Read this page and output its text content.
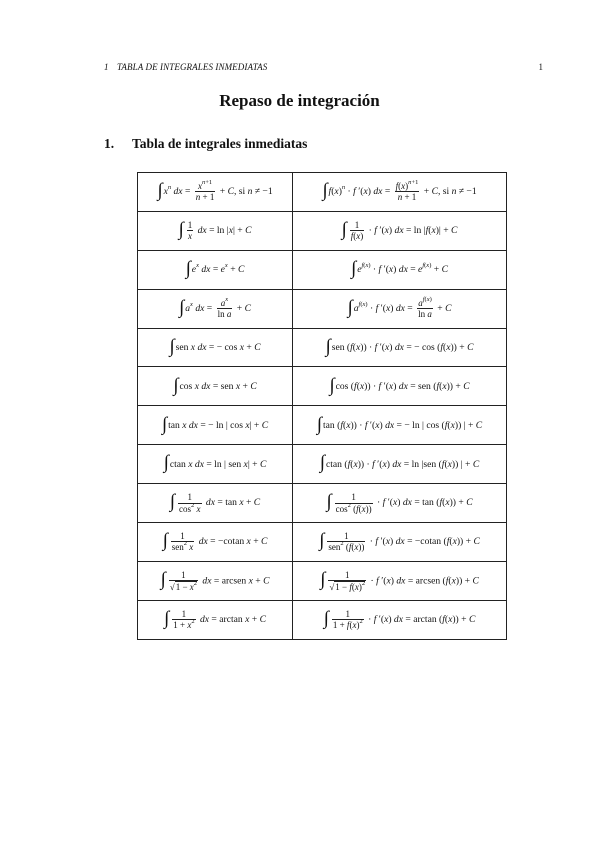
1 TABLA DE INTEGRALES INMEDIATAS	1
Repaso de integración
1. Tabla de integrales inmediatas
$\int x^n$ dx = $\frac{x^{n+1}}{n + 1} + C$, si n ≠ −1	$\int f(x)^n \cdot f$ ′(x) dx = $\frac{f(x)^{n+1}}{n + 1} + C$, si n ≠ −1
∫ $\frac{1}{x}$ dx = ln |x| + C	∫ $\frac{1}{f(x)} \cdot f$ ′(x) dx = ln |f(x)| + C
$\int e^x$ dx = $e^x + C$	$\int e^{f(x)} \cdot f$ ′(x) dx = $e^{f(x)} + C$
$\int a^x$ dx = $\frac{a^x}{\text{ln a}} + C$	$\int a^{f(x)} \cdot f$ ′(x) dx = $\frac{a^{f(x)}}{\text{ln a}} + C$
∫sen x dx = − cos x + C	∫sen (f(x)) · f ′(x) dx = − cos (f(x)) + C
∫cos x dx = sen x + C	∫cos (f(x)) · f ′(x) dx = sen (f(x)) + C
∫tan x dx = − ln | cos x| + C	∫tan (f(x)) · f ′(x) dx = − ln | cos (f(x)) | + C
∫ctan x dx = ln | sen x| + C	∫ctan (f(x)) · f ′(x) dx = ln |sen (f(x)) | + C
∫ $\frac{1}{\cos^2 x}$ dx = tan x + C	∫ $\frac{1}{\cos^2 (f(x))} \cdot f$ ′(x) dx = tan (f(x)) + C
∫ $\frac{1}{sen^2 x}$ dx = −cotan x + C	∫ $\frac{1}{sen^2 (f(x))} \cdot f$ ′(x) dx = −cotan (f(x)) + C
∫ $\frac{1}{√1 - x^2}$ dx = arcsen x + C	∫ $\frac{1}{√1 - f(x)^2} \cdot f$ ′(x) dx = arcsen (f(x)) + C
∫ $\frac{1}{1 + x^2}$ dx = arctan x + C	∫ $\frac{1}{1 + f(x)^2} \cdot f$ ′(x) dx = arctan (f(x)) + C
